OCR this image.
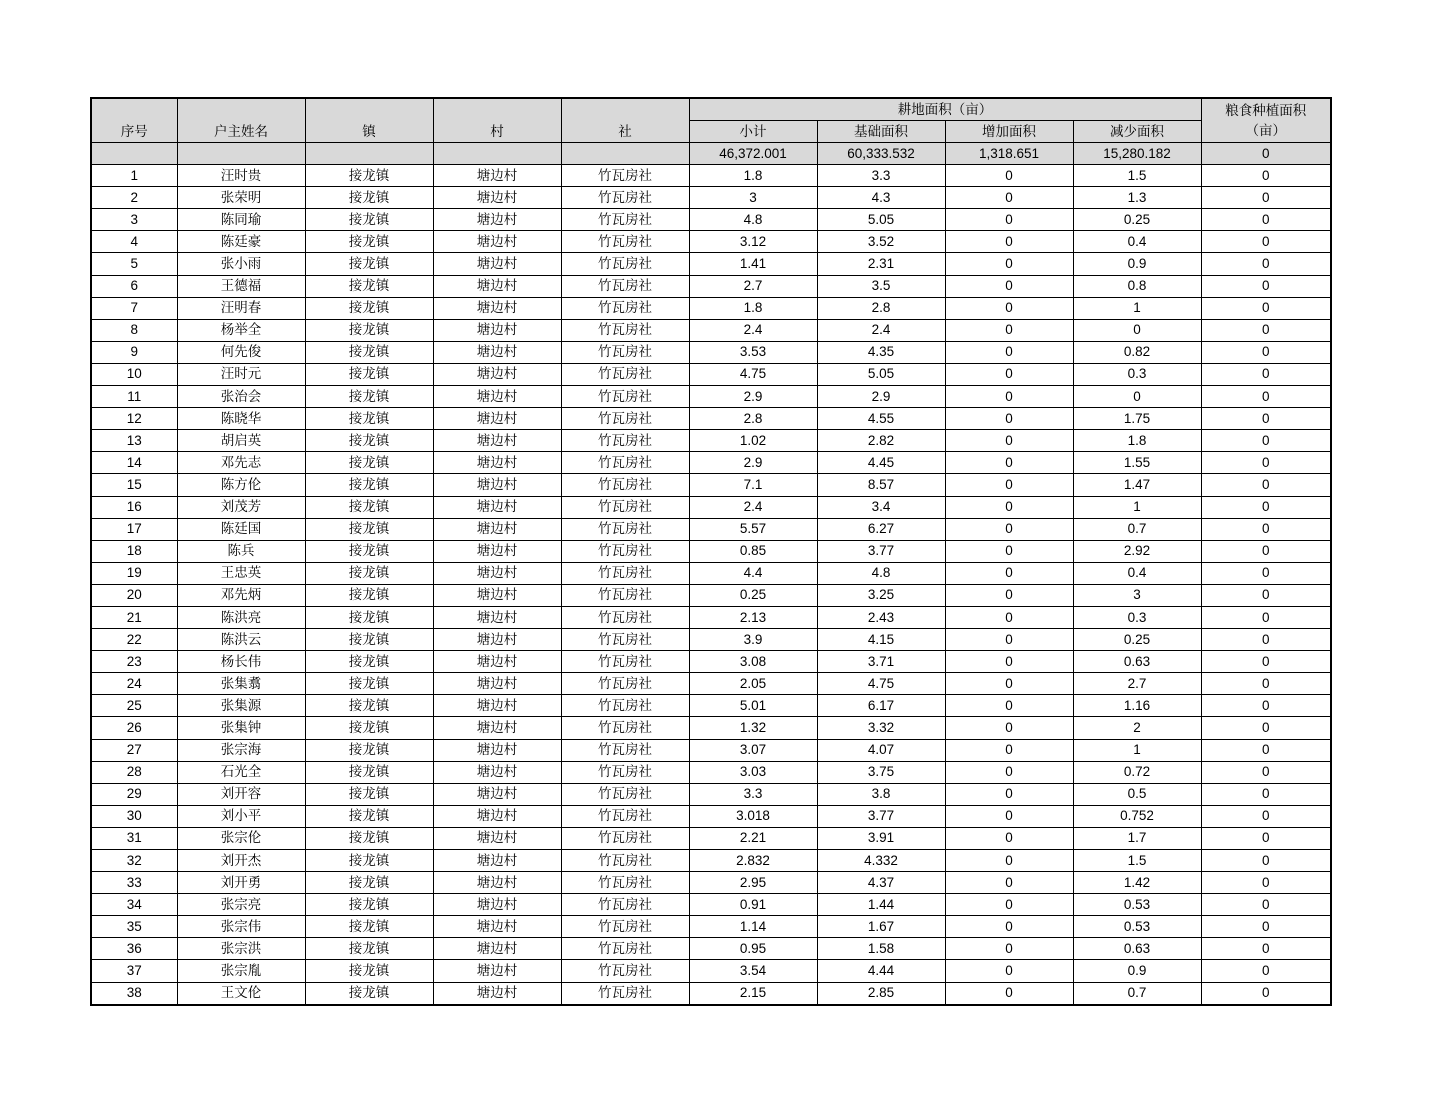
序号	户主姓名	镇	村	社	耕地面积（亩）				粮食种植面积
（亩）

					小计	基础面积	增加面积	减少面积	
					46,372.001	60,333.532	1,318.651	15,280.182	0
1	汪时贵	接龙镇	塘边村	竹瓦房社	1.8	3.3	0	1.5	0
2	张荣明	接龙镇	塘边村	竹瓦房社	3	4.3	0	1.3	0
3	陈同瑜	接龙镇	塘边村	竹瓦房社	4.8	5.05	0	0.25	0
4	陈廷豪	接龙镇	塘边村	竹瓦房社	3.12	3.52	0	0.4	0
5	张小雨	接龙镇	塘边村	竹瓦房社	1.41	2.31	0	0.9	0
6	王德福	接龙镇	塘边村	竹瓦房社	2.7	3.5	0	0.8	0
7	汪明春	接龙镇	塘边村	竹瓦房社	1.8	2.8	0	1	0
8	杨举全	接龙镇	塘边村	竹瓦房社	2.4	2.4	0	0	0
9	何先俊	接龙镇	塘边村	竹瓦房社	3.53	4.35	0	0.82	0
10	汪时元	接龙镇	塘边村	竹瓦房社	4.75	5.05	0	0.3	0
11	张治会	接龙镇	塘边村	竹瓦房社	2.9	2.9	0	0	0
12	陈晓华	接龙镇	塘边村	竹瓦房社	2.8	4.55	0	1.75	0
13	胡启英	接龙镇	塘边村	竹瓦房社	1.02	2.82	0	1.8	0
14	邓先志	接龙镇	塘边村	竹瓦房社	2.9	4.45	0	1.55	0
15	陈方伦	接龙镇	塘边村	竹瓦房社	7.1	8.57	0	1.47	0
16	刘茂芳	接龙镇	塘边村	竹瓦房社	2.4	3.4	0	1	0
17	陈廷国	接龙镇	塘边村	竹瓦房社	5.57	6.27	0	0.7	0
18	陈兵	接龙镇	塘边村	竹瓦房社	0.85	3.77	0	2.92	0
19	王忠英	接龙镇	塘边村	竹瓦房社	4.4	4.8	0	0.4	0
20	邓先炳	接龙镇	塘边村	竹瓦房社	0.25	3.25	0	3	0
21	陈洪亮	接龙镇	塘边村	竹瓦房社	2.13	2.43	0	0.3	0
22	陈洪云	接龙镇	塘边村	竹瓦房社	3.9	4.15	0	0.25	0
23	杨长伟	接龙镇	塘边村	竹瓦房社	3.08	3.71	0	0.63	0
24	张集翥	接龙镇	塘边村	竹瓦房社	2.05	4.75	0	2.7	0
25	张集源	接龙镇	塘边村	竹瓦房社	5.01	6.17	0	1.16	0
26	张集钟	接龙镇	塘边村	竹瓦房社	1.32	3.32	0	2	0
27	张宗海	接龙镇	塘边村	竹瓦房社	3.07	4.07	0	1	0
28	石光全	接龙镇	塘边村	竹瓦房社	3.03	3.75	0	0.72	0
29	刘开容	接龙镇	塘边村	竹瓦房社	3.3	3.8	0	0.5	0
30	刘小平	接龙镇	塘边村	竹瓦房社	3.018	3.77	0	0.752	0
31	张宗伦	接龙镇	塘边村	竹瓦房社	2.21	3.91	0	1.7	0
32	刘开杰	接龙镇	塘边村	竹瓦房社	2.832	4.332	0	1.5	0
33	刘开勇	接龙镇	塘边村	竹瓦房社	2.95	4.37	0	1.42	0
34	张宗亮	接龙镇	塘边村	竹瓦房社	0.91	1.44	0	0.53	0
35	张宗伟	接龙镇	塘边村	竹瓦房社	1.14	1.67	0	0.53	0
36	张宗洪	接龙镇	塘边村	竹瓦房社	0.95	1.58	0	0.63	0
37	张宗胤	接龙镇	塘边村	竹瓦房社	3.54	4.44	0	0.9	0
38	王文伦	接龙镇	塘边村	竹瓦房社	2.15	2.85	0	0.7	0
